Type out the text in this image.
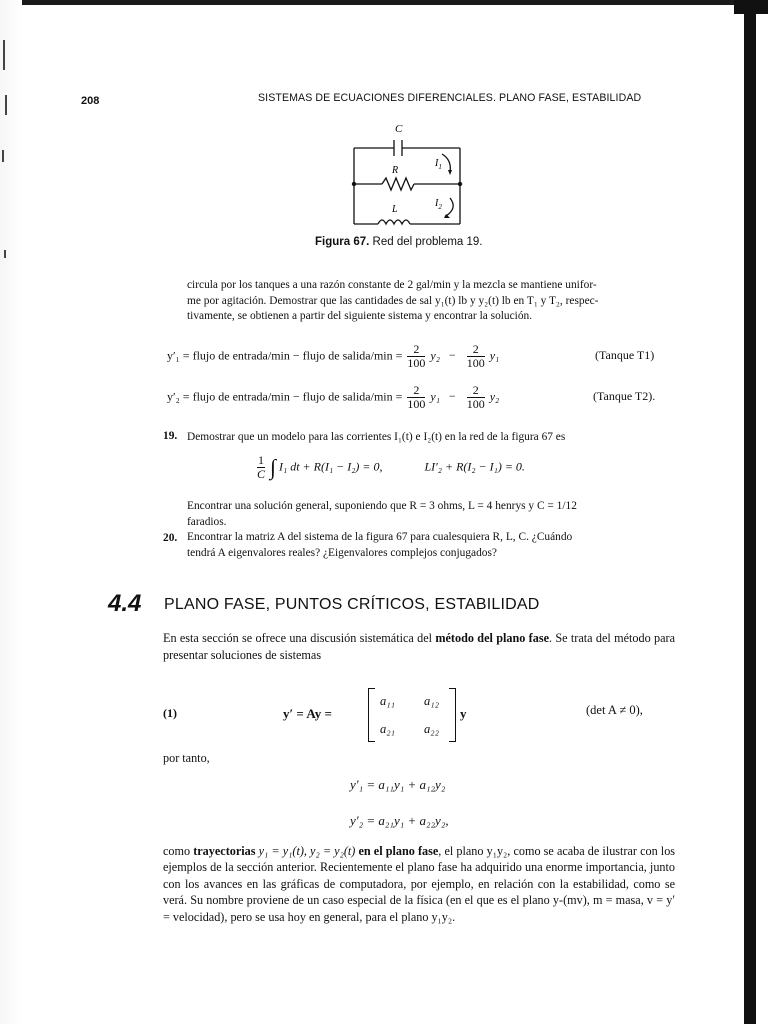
208	SISTEMAS DE ECUACIONES DIFERENCIALES. PLANO FASE, ESTABILIDAD
C
R
L
$I_1$
$I_2$
Figura 67. Red del problema 19.
circula por los tanques a una razón constante de 2 gal/min y la mezcla se mantiene unifor-
me por agitación. Demostrar que las cantidades de sal y₁(t) lb y y₂(t) lb en T₁ y T₂, respec-
tivamente, se obtienen a partir del siguiente sistema y encontrar la solución.
y′₁ = flujo de entrada/min − flujo de salida/min = $\frac{2}{100} y_2 - \frac{2}{100} y_1$	(Tanque T1)
y′₂ = flujo de entrada/min − flujo de salida/min = $\frac{2}{100} y_1 - \frac{2}{100} y_2$	(Tanque T2).
19. Demostrar que un modelo para las corrientes I₁(t) e I₂(t) en la red de la figura 67 es
$\frac{1}{C}$ ∫ I₁ dt + R(I₁ − I₂) = 0,	LI′₂ + R(I₂ − I₁) = 0.
Encontrar una solución general, suponiendo que R = 3 ohms, L = 4 henrys y C = 1/12
faradios.
20. Encontrar la matriz A del sistema de la figura 67 para cualesquiera R, L, C. ¿Cuándo
tendrá A eigenvalores reales? ¿Eigenvalores complejos conjugados?
4.4 PLANO FASE, PUNTOS CRÍTICOS, ESTABILIDAD
En esta sección se ofrece una discusión sistemática del método del plano fase. Se trata del método para presentar soluciones de sistemas
(1)	y′ = Ay =
a₁₁ a₁₂
a₂₁ a₂₂
y	(det A ≠ 0),
por tanto,
y′₁ = a₁₁y₁ + a₁₂y₂
y′₂ = a₂₁y₁ + a₂₂y₂,
como trayectorias y₁ = y₁(t), y₂ = y₂(t) en el plano fase, el plano y₁y₂, como se acaba de ilustrar con los ejemplos de la sección anterior. Recientemente el plano fase ha adquirido una enorme importancia, junto con los avances en las gráficas de computadora, por ejemplo, en relación con la estabilidad, como se verá. Su nombre proviene de un caso especial de la física (en el que es el plano y-(mv), m = masa, v = y′ = velocidad), pero se usa hoy en general, para el plano y₁y₂.
